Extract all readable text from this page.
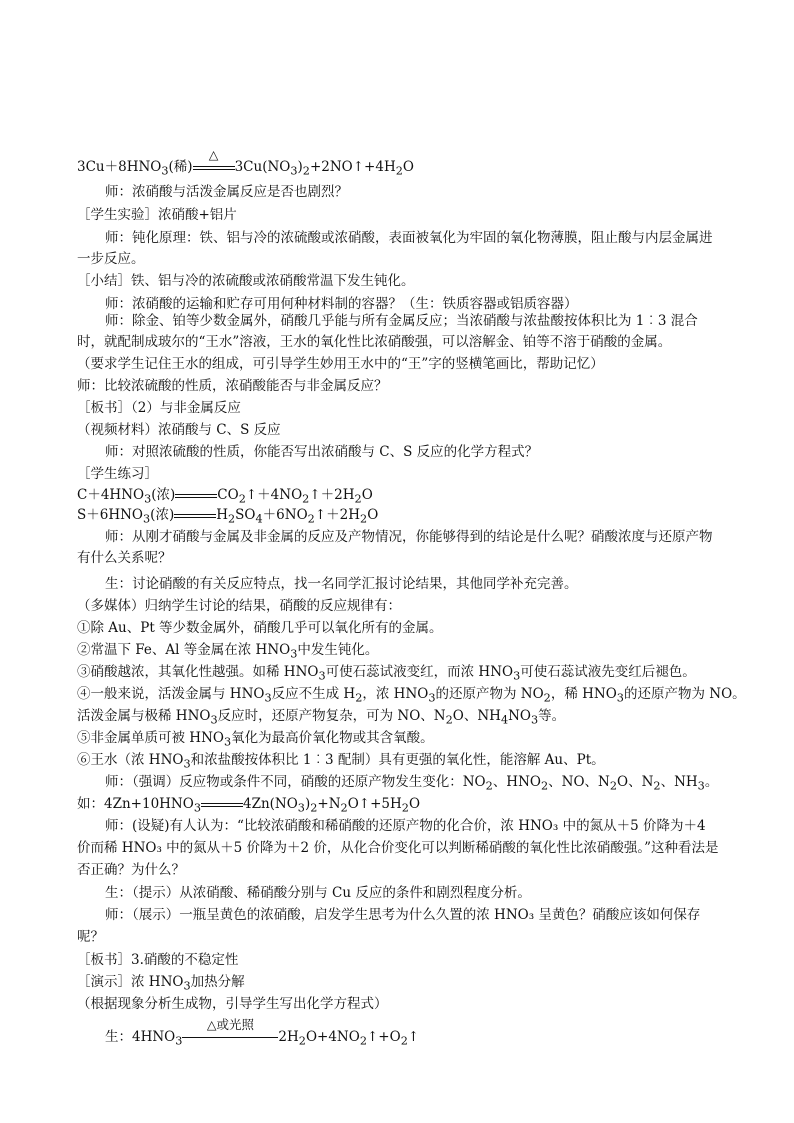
$3Cu+8HNO_3$(稀)
△
$3Cu(NO_3)_2+2NO↑+4H_2O$
师：浓硝酸与活泼金属反应是否也剧烈？
［学生实验］浓硝酸+铝片
师：钝化原理：铁、铝与冷的浓硫酸或浓硝酸，表面被氧化为牢固的氧化物薄膜，阻止酸与内层金属进一步反应。
［小结］铁、铝与冷的浓硫酸或浓硝酸常温下发生钝化。
师：浓硝酸的运输和贮存可用何种材料制的容器？（生：铁质容器或铝质容器）
师：除金、铂等少数金属外，硝酸几乎能与所有金属反应；当浓硝酸与浓盐酸按体积比为 1︰3 混合时，就配制成玻尔的“王水”溶液，王水的氧化性比浓硝酸强，可以溶解金、铂等不溶于硝酸的金属。
（要求学生记住王水的组成，可引导学生妙用王水中的“王”字的竖横笔画比，帮助记忆）
师：比较浓硫酸的性质，浓硝酸能否与非金属反应？
［板书］（2）与非金属反应
（视频材料）浓硝酸与 C、S 反应
师：对照浓硫酸的性质，你能否写出浓硝酸与 C、S 反应的化学方程式？
［学生练习］
$C+4HNO_3$(浓)	$CO_2↑+4NO_2↑+2H_2O$
$S+6HNO_3$(浓)	$H_2SO_4+6NO_2↑+2H_2O$
师：从刚才硝酸与金属及非金属的反应及产物情况，你能够得到的结论是什么呢？硝酸浓度与还原产物有什么关系呢？
生：讨论硝酸的有关反应特点，找一名同学汇报讨论结果，其他同学补充完善。
（多媒体）归纳学生讨论的结果，硝酸的反应规律有：
①除 Au、Pt 等少数金属外，硝酸几乎可以氧化所有的金属。
②常温下 Fe、Al 等金属在浓 $HNO_3$中发生钝化。
③硝酸越浓，其氧化性越强。如稀 $HNO_3$可使石蕊试液变红，而浓 $HNO_3$可使石蕊试液先变红后褪色。
④一般来说，活泼金属与 $HNO_3$反应不生成 $H_2$，浓 $HNO_3$的还原产物为 $NO_2$，稀 $HNO_3$的还原产物为 NO。
活泼金属与极稀 $HNO_3$反应时，还原产物复杂，可为 NO、$N_2O$、$NH_4NO_3$等。
⑤非金属单质可被 $HNO_3$氧化为最高价氧化物或其含氧酸。
⑥王水（浓 $HNO_3$和浓盐酸按体积比 1︰3 配制）具有更强的氧化性，能溶解 Au、Pt。
师：（强调）反应物或条件不同，硝酸的还原产物发生变化：$NO_2$、$HNO_2$、NO、$N_2O$、$N_2$、$NH_3$。
如：$4Zn+10HNO_3$	$4Zn(NO_3)_2+N_2O↑+5H_2O$
师：(设疑)有人认为：“比较浓硝酸和稀硝酸的还原产物的化合价，浓 HNO₃ 中的氮从＋5 价降为＋4 价而稀 HNO₃ 中的氮从＋5 价降为＋2 价，从化合价变化可以判断稀硝酸的氧化性比浓硝酸强。”这种看法是否正确？为什么？
生：（提示）从浓硝酸、稀硝酸分别与 Cu 反应的条件和剧烈程度分析。
师：（展示）一瓶呈黄色的浓硝酸，启发学生思考为什么久置的浓 HNO₃ 呈黄色？硝酸应该如何保存呢？
［板书］3.硝酸的不稳定性
［演示］浓 $HNO_3$加热分解
（根据现象分析生成物，引导学生写出化学方程式）
生：$4HNO_3$
△或光照
$2H_2O+4NO_2↑+O_2↑$
